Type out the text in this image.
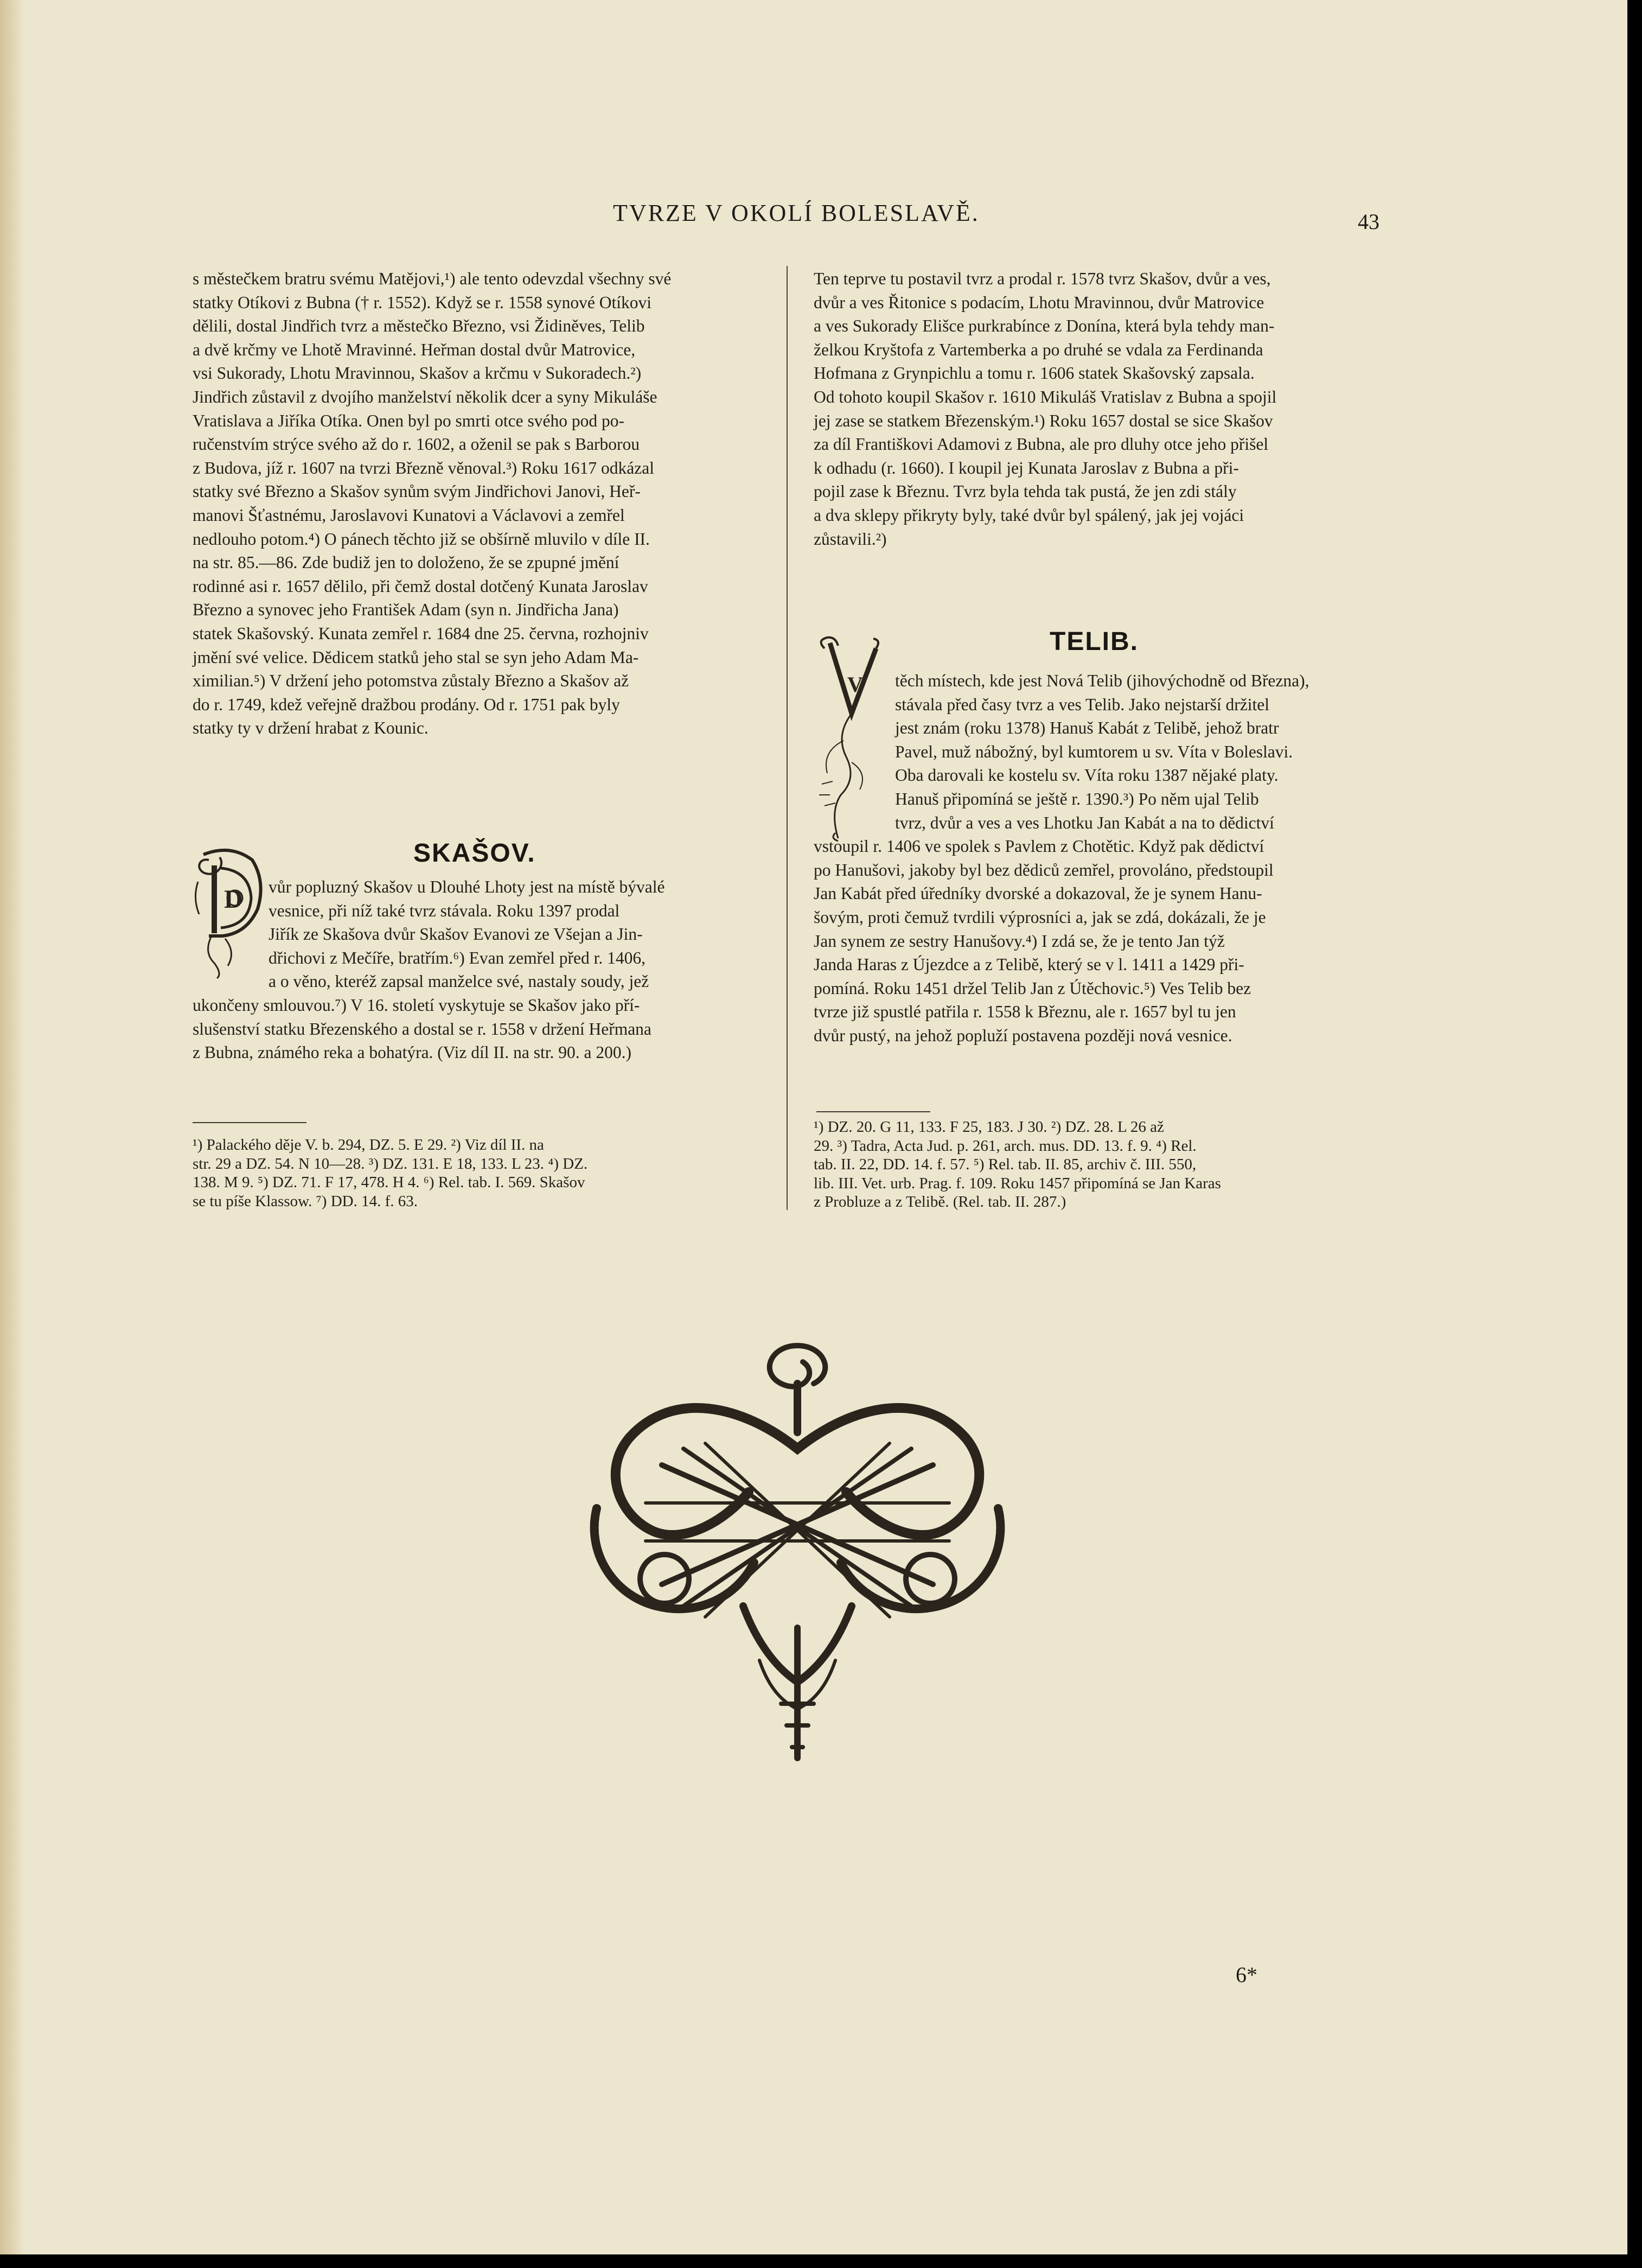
TVRZE V OKOLÍ BOLESLAVĚ.	43

s městečkem bratru svému Matějovi,¹) ale tento odevzdal všechny své

statky Otíkovi z Bubna († r. 1552). Když se r. 1558 synové Otíkovi

dělili, dostal Jindřich tvrz a městečko Březno, vsi Židiněves, Telib

a dvě krčmy ve Lhotě Mravinné. Heřman dostal dvůr Matrovice,

vsi Sukorady, Lhotu Mravinnou, Skašov a krčmu v Sukoradech.²)

Jindřich zůstavil z dvojího manželství několik dcer a syny Mikuláše

Vratislava a Jiříka Otíka. Onen byl po smrti otce svého pod po-

ručenstvím strýce svého až do r. 1602, a oženil se pak s Barborou

z Budova, jíž r. 1607 na tvrzi Březně věnoval.³) Roku 1617 odkázal

statky své Březno a Skašov synům svým Jindřichovi Janovi, Heř-

manovi Šťastnému, Jaroslavovi Kunatovi a Václavovi a zemřel

nedlouho potom.⁴) O pánech těchto již se obšírně mluvilo v díle II.

na str. 85.—86. Zde budiž jen to doloženo, že se zpupné jmění

rodinné asi r. 1657 dělilo, při čemž dostal dotčený Kunata Jaroslav

Březno a synovec jeho František Adam (syn n. Jindřicha Jana)

statek Skašovský. Kunata zemřel r. 1684 dne 25. června, rozhojniv

jmění své velice. Dědicem statků jeho stal se syn jeho Adam Ma-

ximilian.⁵) V držení jeho potomstva zůstaly Březno a Skašov až

do r. 1749, kdež veřejně dražbou prodány. Od r. 1751 pak byly

statky ty v držení hrabat z Kounic.

SKAŠOV.
D	vůr popluzný Skašov u Dlouhé Lhoty jest na místě bývalé

vesnice, při níž také tvrz stávala. Roku 1397 prodal

Jiřík ze Skašova dvůr Skašov Evanovi ze Všejan a Jin-

dřichovi z Mečíře, bratřím.⁶) Evan zemřel před r. 1406,

a o věno, kteréž zapsal manželce své, nastaly soudy, jež

ukončeny smlouvou.⁷) V 16. století vyskytuje se Skašov jako pří-

slušenství statku Březenského a dostal se r. 1558 v držení Heřmana

z Bubna, známého reka a bohatýra. (Viz díl II. na str. 90. a 200.)

¹) Palackého děje V. b. 294, DZ. 5. E 29. ²) Viz díl II. na
str. 29 a DZ. 54. N 10—28. ³) DZ. 131. E 18, 133. L 23. ⁴) DZ.
138. M 9. ⁵) DZ. 71. F 17, 478. H 4. ⁶) Rel. tab. I. 569. Skašov
se tu píše Klassow. ⁷) DD. 14. f. 63.

Ten teprve tu postavil tvrz a prodal r. 1578 tvrz Skašov, dvůr a ves,

dvůr a ves Řitonice s podacím, Lhotu Mravinnou, dvůr Matrovice

a ves Sukorady Elišce purkrabínce z Donína, která byla tehdy man-

želkou Kryštofa z Vartemberka a po druhé se vdala za Ferdinanda

Hofmana z Grynpichlu a tomu r. 1606 statek Skašovský zapsala.

Od tohoto koupil Skašov r. 1610 Mikuláš Vratislav z Bubna a spojil

jej zase se statkem Březenským.¹) Roku 1657 dostal se sice Skašov

za díl Františkovi Adamovi z Bubna, ale pro dluhy otce jeho přišel

k odhadu (r. 1660). I koupil jej Kunata Jaroslav z Bubna a při-

pojil zase k Březnu. Tvrz byla tehda tak pustá, že jen zdi stály

a dva sklepy přikryty byly, také dvůr byl spálený, jak jej vojáci

zůstavili.²)

TELIB.
V	těch místech, kde jest Nová Telib (jihovýchodně od Března),

stávala před časy tvrz a ves Telib. Jako nejstarší držitel

jest znám (roku 1378) Hanuš Kabát z Telibě, jehož bratr

Pavel, muž nábožný, byl kumtorem u sv. Víta v Boleslavi.

Oba darovali ke kostelu sv. Víta roku 1387 nějaké platy.

Hanuš připomíná se ještě r. 1390.³) Po něm ujal Telib

tvrz, dvůr a ves a ves Lhotku Jan Kabát a na to dědictví

vstoupil r. 1406 ve spolek s Pavlem z Chotětic. Když pak dědictví

po Hanušovi, jakoby byl bez dědiců zemřel, provoláno, předstoupil

Jan Kabát před úředníky dvorské a dokazoval, že je synem Hanu-

šovým, proti čemuž tvrdili výprosníci a, jak se zdá, dokázali, že je

Jan synem ze sestry Hanušovy.⁴) I zdá se, že je tento Jan týž

Janda Haras z Újezdce a z Telibě, který se v l. 1411 a 1429 při-

pomíná. Roku 1451 držel Telib Jan z Útěchovic.⁵) Ves Telib bez

tvrze již spustlé patřila r. 1558 k Březnu, ale r. 1657 byl tu jen

dvůr pustý, na jehož popluží postavena později nová vesnice.

¹) DZ. 20. G 11, 133. F 25, 183. J 30. ²) DZ. 28. L 26 až
29. ³) Tadra, Acta Jud. p. 261, arch. mus. DD. 13. f. 9. ⁴) Rel.
tab. II. 22, DD. 14. f. 57. ⁵) Rel. tab. II. 85, archiv č. III. 550,
lib. III. Vet. urb. Prag. f. 109. Roku 1457 připomíná se Jan Karas
z Probluze a z Telibě. (Rel. tab. II. 287.)
6*
